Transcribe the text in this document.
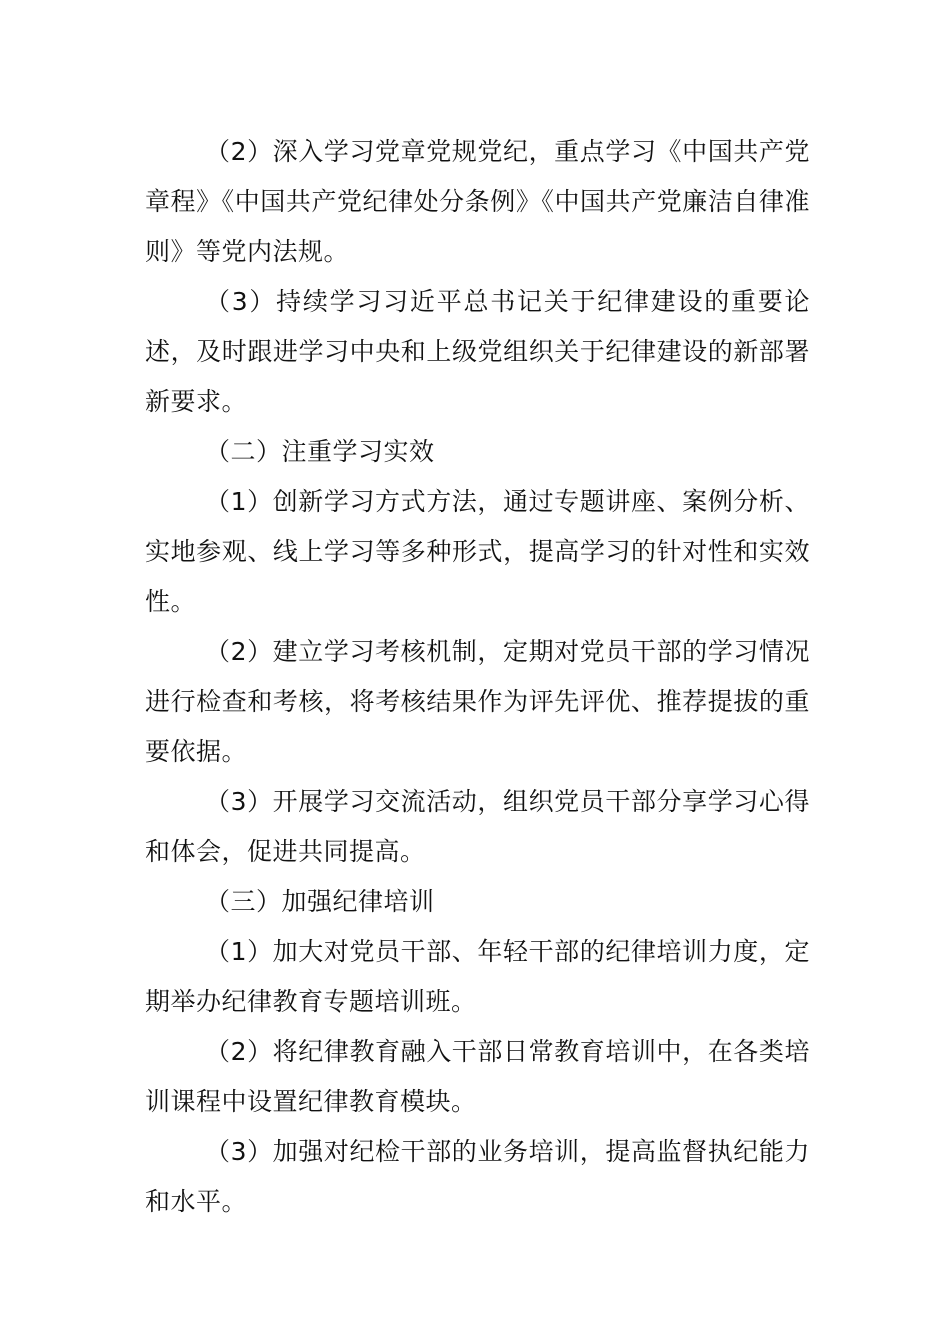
（2）深入学习党章党规党纪，重点学习《中国共产党章程》《中国共产党纪律处分条例》《中国共产党廉洁自律准则》等党内法规。

（3）持续学习习近平总书记关于纪律建设的重要论述，及时跟进学习中央和上级党组织关于纪律建设的新部署新要求。

（二）注重学习实效

（1）创新学习方式方法，通过专题讲座、案例分析、实地参观、线上学习等多种形式，提高学习的针对性和实效性。

（2）建立学习考核机制，定期对党员干部的学习情况进行检查和考核，将考核结果作为评先评优、推荐提拔的重要依据。

（3）开展学习交流活动，组织党员干部分享学习心得和体会，促进共同提高。

（三）加强纪律培训

（1）加大对党员干部、年轻干部的纪律培训力度，定期举办纪律教育专题培训班。

（2）将纪律教育融入干部日常教育培训中，在各类培训课程中设置纪律教育模块。

（3）加强对纪检干部的业务培训，提高监督执纪能力和水平。
